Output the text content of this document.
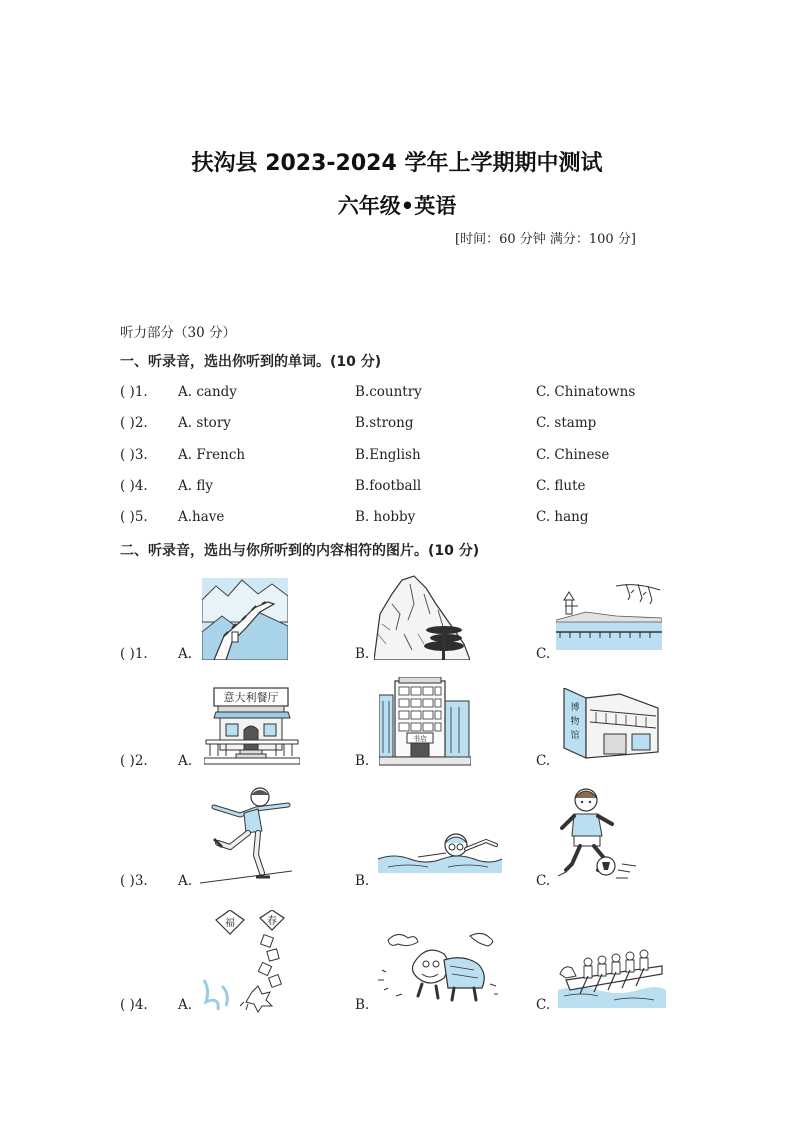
扶沟县 2023-2024 学年上学期期中测试
六年级•英语
[时间：60 分钟 满分：100 分]
听力部分（30 分）
一、听录音，选出你听到的单词。(10 分)
( )1. A. candy	B.country	C. Chinatowns
( )2. A. story	B.strong	C. stamp
( )3. A. French	B.English	C. Chinese
( )4. A. fly	B.football	C. flute
( )5. A.have	B. hobby	C. hang
二、听录音，选出与你所听到的内容相符的图片。(10 分)
( )1. A.	B.	C.
( )2. A.	B.	C.
( )3. A.	B.	C.
( )4. A.	B.	C.
意大利餐厅
书店
博
物
馆
福	春
